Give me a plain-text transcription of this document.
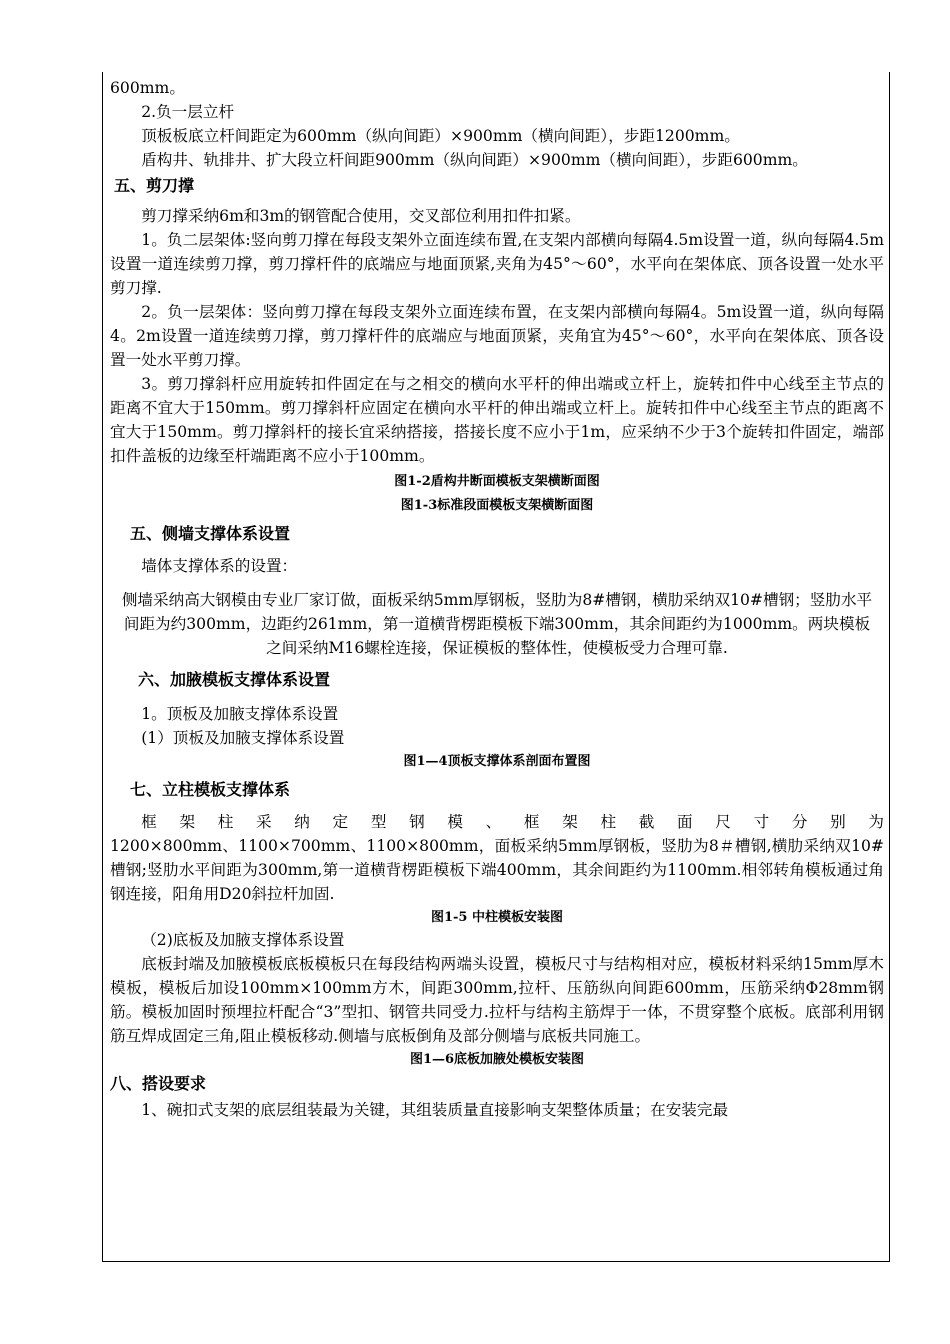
600mm。

2.负一层立杆

顶板板底立杆间距定为600mm（纵向间距）×900mm（横向间距），步距1200mm。

盾构井、轨排井、扩大段立杆间距900mm（纵向间距）×900mm（横向间距），步距600mm。

五、剪刀撑

剪刀撑采纳6m和3m的钢管配合使用，交叉部位利用扣件扣紧。

1。负二层架体:竖向剪刀撑在每段支架外立面连续布置,在支架内部横向每隔4.5m设置一道，纵向每隔4.5m设置一道连续剪刀撑，剪刀撑杆件的底端应与地面顶紧,夹角为45°～60°，水平向在架体底、顶各设置一处水平剪刀撑.

2。负一层架体：竖向剪刀撑在每段支架外立面连续布置，在支架内部横向每隔4。5m设置一道，纵向每隔4。2m设置一道连续剪刀撑，剪刀撑杆件的底端应与地面顶紧，夹角宜为45°～60°，水平向在架体底、顶各设置一处水平剪刀撑。

3。剪刀撑斜杆应用旋转扣件固定在与之相交的横向水平杆的伸出端或立杆上，旋转扣件中心线至主节点的距离不宜大于150mm。剪刀撑斜杆应固定在横向水平杆的伸出端或立杆上。旋转扣件中心线至主节点的距离不宜大于150mm。剪刀撑斜杆的接长宜采纳搭接，搭接长度不应小于1m，应采纳不少于3个旋转扣件固定，端部扣件盖板的边缘至杆端距离不应小于100mm。

图1-2盾构井断面模板支架横断面图

图1-3标准段面模板支架横断面图

五、侧墙支撑体系设置

墙体支撑体系的设置：

侧墙采纳高大钢模由专业厂家订做，面板采纳5mm厚钢板，竖肋为8#槽钢，横肋采纳双10#槽钢；竖肋水平间距为约300mm，边距约261mm，第一道横背楞距模板下端300mm，其余间距约为1000mm。两块模板之间采纳M16螺栓连接，保证模板的整体性，使模板受力合理可靠.

六、加腋模板支撑体系设置

1。顶板及加腋支撑体系设置

(1）顶板及加腋支撑体系设置

图1—4顶板支撑体系剖面布置图

七、立柱模板支撑体系

框架柱采纳定型钢模、框架柱截面尺寸分别为

1200×800mm、1100×700mm、1100×800mm，面板采纳5mm厚钢板，竖肋为8＃槽钢,横肋采纳双10#槽钢;竖肋水平间距为300mm,第一道横背楞距模板下端400mm，其余间距约为1100mm.相邻转角模板通过角钢连接，阳角用D20斜拉杆加固.

图1-5 中柱模板安装图

（2)底板及加腋支撑体系设置

底板封端及加腋模板底板模板只在每段结构两端头设置，模板尺寸与结构相对应，模板材料采纳15mm厚木模板，模板后加设100mm×100mm方木，间距300mm,拉杆、压筋纵向间距600mm，压筋采纳Φ28mm钢筋。模板加固时预埋拉杆配合“3”型扣、钢管共同受力.拉杆与结构主筋焊于一体，不贯穿整个底板。底部利用钢筋互焊成固定三角,阻止模板移动.侧墙与底板倒角及部分侧墙与底板共同施工。

图1—6底板加腋处模板安装图

八、搭设要求

1、碗扣式支架的底层组装最为关键，其组装质量直接影响支架整体质量；在安装完最
